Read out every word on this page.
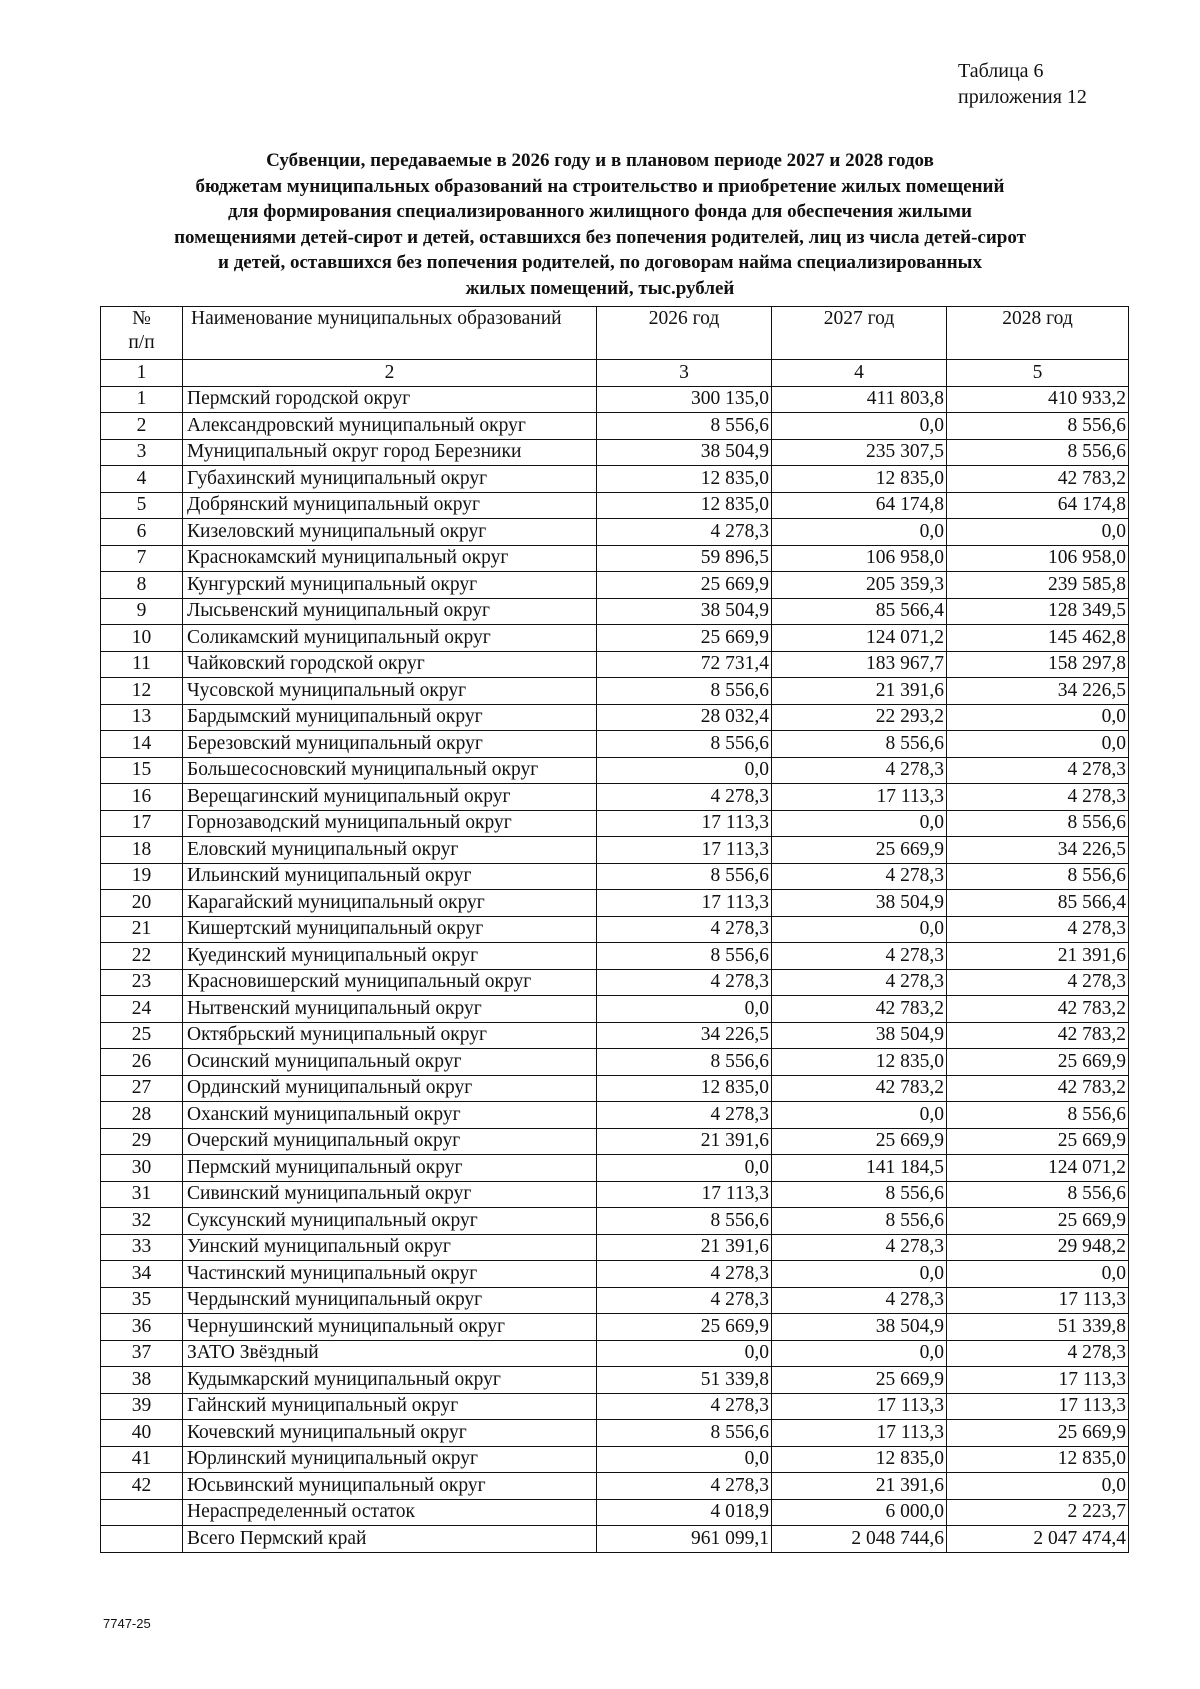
Таблица 6
приложения 12
Субвенции, передаваемые в 2026 году и в плановом периоде 2027 и 2028 годов
бюджетам муниципальных образований на строительство и приобретение жилых помещений
для формирования специализированного жилищного фонда для обеспечения жилыми
помещениями детей-сирот и детей, оставшихся без попечения родителей, лиц из числа детей-сирот
и детей, оставшихся без попечения родителей, по договорам найма специализированных
жилых помещений, тыс.рублей
№
п/п	Наименование муниципальных образований	2026 год	2027 год	2028 год
1	2	3	4	5
1	Пермский городской округ	300 135,0	411 803,8	410 933,2
2	Александровский муниципальный округ	8 556,6	0,0	8 556,6
3	Муниципальный округ город Березники	38 504,9	235 307,5	8 556,6
4	Губахинский муниципальный округ	12 835,0	12 835,0	42 783,2
5	Добрянский муниципальный округ	12 835,0	64 174,8	64 174,8
6	Кизеловский муниципальный округ	4 278,3	0,0	0,0
7	Краснокамский муниципальный округ	59 896,5	106 958,0	106 958,0
8	Кунгурский муниципальный округ	25 669,9	205 359,3	239 585,8
9	Лысьвенский муниципальный округ	38 504,9	85 566,4	128 349,5
10	Соликамский муниципальный округ	25 669,9	124 071,2	145 462,8
11	Чайковский городской округ	72 731,4	183 967,7	158 297,8
12	Чусовской муниципальный округ	8 556,6	21 391,6	34 226,5
13	Бардымский муниципальный округ	28 032,4	22 293,2	0,0
14	Березовский муниципальный округ	8 556,6	8 556,6	0,0
15	Большесосновский муниципальный округ	0,0	4 278,3	4 278,3
16	Верещагинский муниципальный округ	4 278,3	17 113,3	4 278,3
17	Горнозаводский муниципальный округ	17 113,3	0,0	8 556,6
18	Еловский муниципальный округ	17 113,3	25 669,9	34 226,5
19	Ильинский муниципальный округ	8 556,6	4 278,3	8 556,6
20	Карагайский муниципальный округ	17 113,3	38 504,9	85 566,4
21	Кишертский муниципальный округ	4 278,3	0,0	4 278,3
22	Куединский муниципальный округ	8 556,6	4 278,3	21 391,6
23	Красновишерский муниципальный округ	4 278,3	4 278,3	4 278,3
24	Нытвенский муниципальный округ	0,0	42 783,2	42 783,2
25	Октябрьский муниципальный округ	34 226,5	38 504,9	42 783,2
26	Осинский муниципальный округ	8 556,6	12 835,0	25 669,9
27	Ординский муниципальный округ	12 835,0	42 783,2	42 783,2
28	Оханский муниципальный округ	4 278,3	0,0	8 556,6
29	Очерский муниципальный округ	21 391,6	25 669,9	25 669,9
30	Пермский муниципальный округ	0,0	141 184,5	124 071,2
31	Сивинский муниципальный округ	17 113,3	8 556,6	8 556,6
32	Суксунский муниципальный округ	8 556,6	8 556,6	25 669,9
33	Уинский муниципальный округ	21 391,6	4 278,3	29 948,2
34	Частинский муниципальный округ	4 278,3	0,0	0,0
35	Чердынский муниципальный округ	4 278,3	4 278,3	17 113,3
36	Чернушинский муниципальный округ	25 669,9	38 504,9	51 339,8
37	ЗАТО Звёздный	0,0	0,0	4 278,3
38	Кудымкарский муниципальный округ	51 339,8	25 669,9	17 113,3
39	Гайнский муниципальный округ	4 278,3	17 113,3	17 113,3
40	Кочевский муниципальный округ	8 556,6	17 113,3	25 669,9
41	Юрлинский муниципальный округ	0,0	12 835,0	12 835,0
42	Юсьвинский муниципальный округ	4 278,3	21 391,6	0,0
	Нераспределенный остаток	4 018,9	6 000,0	2 223,7
	Всего Пермский край	961 099,1	2 048 744,6	2 047 474,4
7747-25
